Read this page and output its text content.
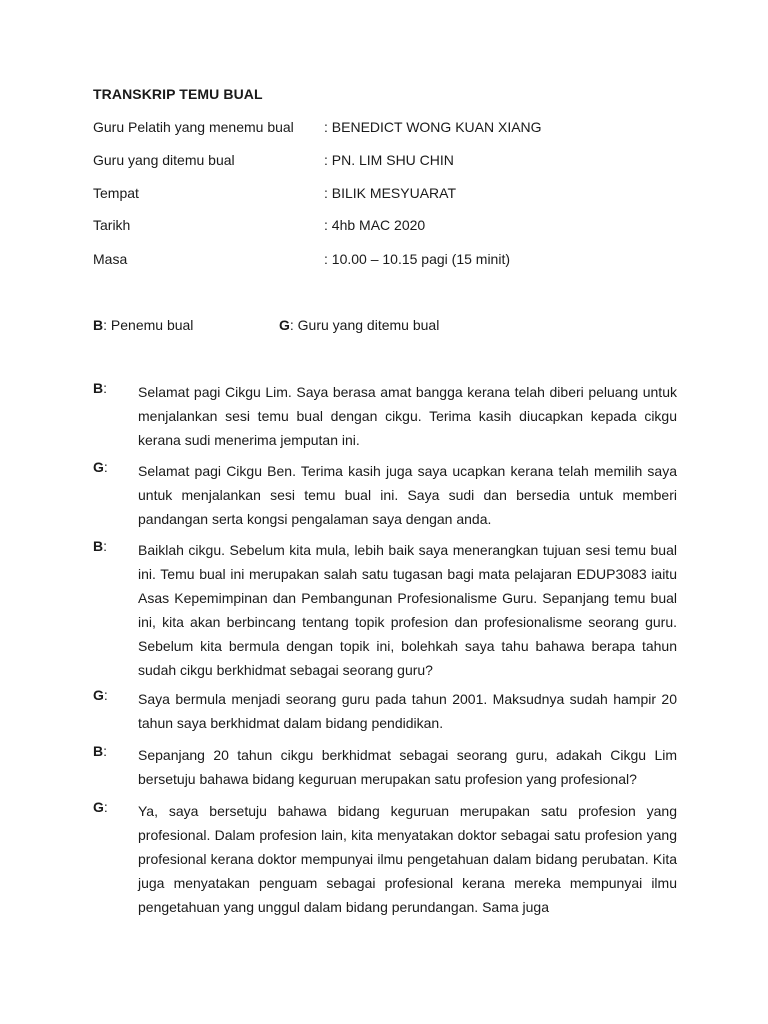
TRANSKRIP TEMU BUAL
Guru Pelatih yang menemu bual : BENEDICT WONG KUAN XIANG
Guru yang ditemu bual	: PN. LIM SHU CHIN
Tempat	: BILIK MESYUARAT
Tarikh	: 4hb MAC 2020
Masa	: 10.00 – 10.15 pagi (15 minit)
B: Penemu bual	G: Guru yang ditemu bual
B: Selamat pagi Cikgu Lim. Saya berasa amat bangga kerana telah diberi peluang untuk menjalankan sesi temu bual dengan cikgu. Terima kasih diucapkan kepada cikgu kerana sudi menerima jemputan ini.

G: Selamat pagi Cikgu Ben. Terima kasih juga saya ucapkan kerana telah memilih saya untuk menjalankan sesi temu bual ini. Saya sudi dan bersedia untuk memberi pandangan serta kongsi pengalaman saya dengan anda.

B: Baiklah cikgu. Sebelum kita mula, lebih baik saya menerangkan tujuan sesi temu bual ini. Temu bual ini merupakan salah satu tugasan bagi mata pelajaran EDUP3083 iaitu Asas Kepemimpinan dan Pembangunan Profesionalisme Guru. Sepanjang temu bual ini, kita akan berbincang tentang topik profesion dan profesionalisme seorang guru. Sebelum kita bermula dengan topik ini, bolehkah saya tahu bahawa berapa tahun sudah cikgu berkhidmat sebagai seorang guru?

G: Saya bermula menjadi seorang guru pada tahun 2001. Maksudnya sudah hampir 20 tahun saya berkhidmat dalam bidang pendidikan.

B: Sepanjang 20 tahun cikgu berkhidmat sebagai seorang guru, adakah Cikgu Lim bersetuju bahawa bidang keguruan merupakan satu profesion yang profesional?

G: Ya, saya bersetuju bahawa bidang keguruan merupakan satu profesion yang profesional. Dalam profesion lain, kita menyatakan doktor sebagai satu profesion yang profesional kerana doktor mempunyai ilmu pengetahuan dalam bidang perubatan. Kita juga menyatakan penguam sebagai profesional kerana mereka mempunyai ilmu pengetahuan yang unggul dalam bidang perundangan. Sama juga
